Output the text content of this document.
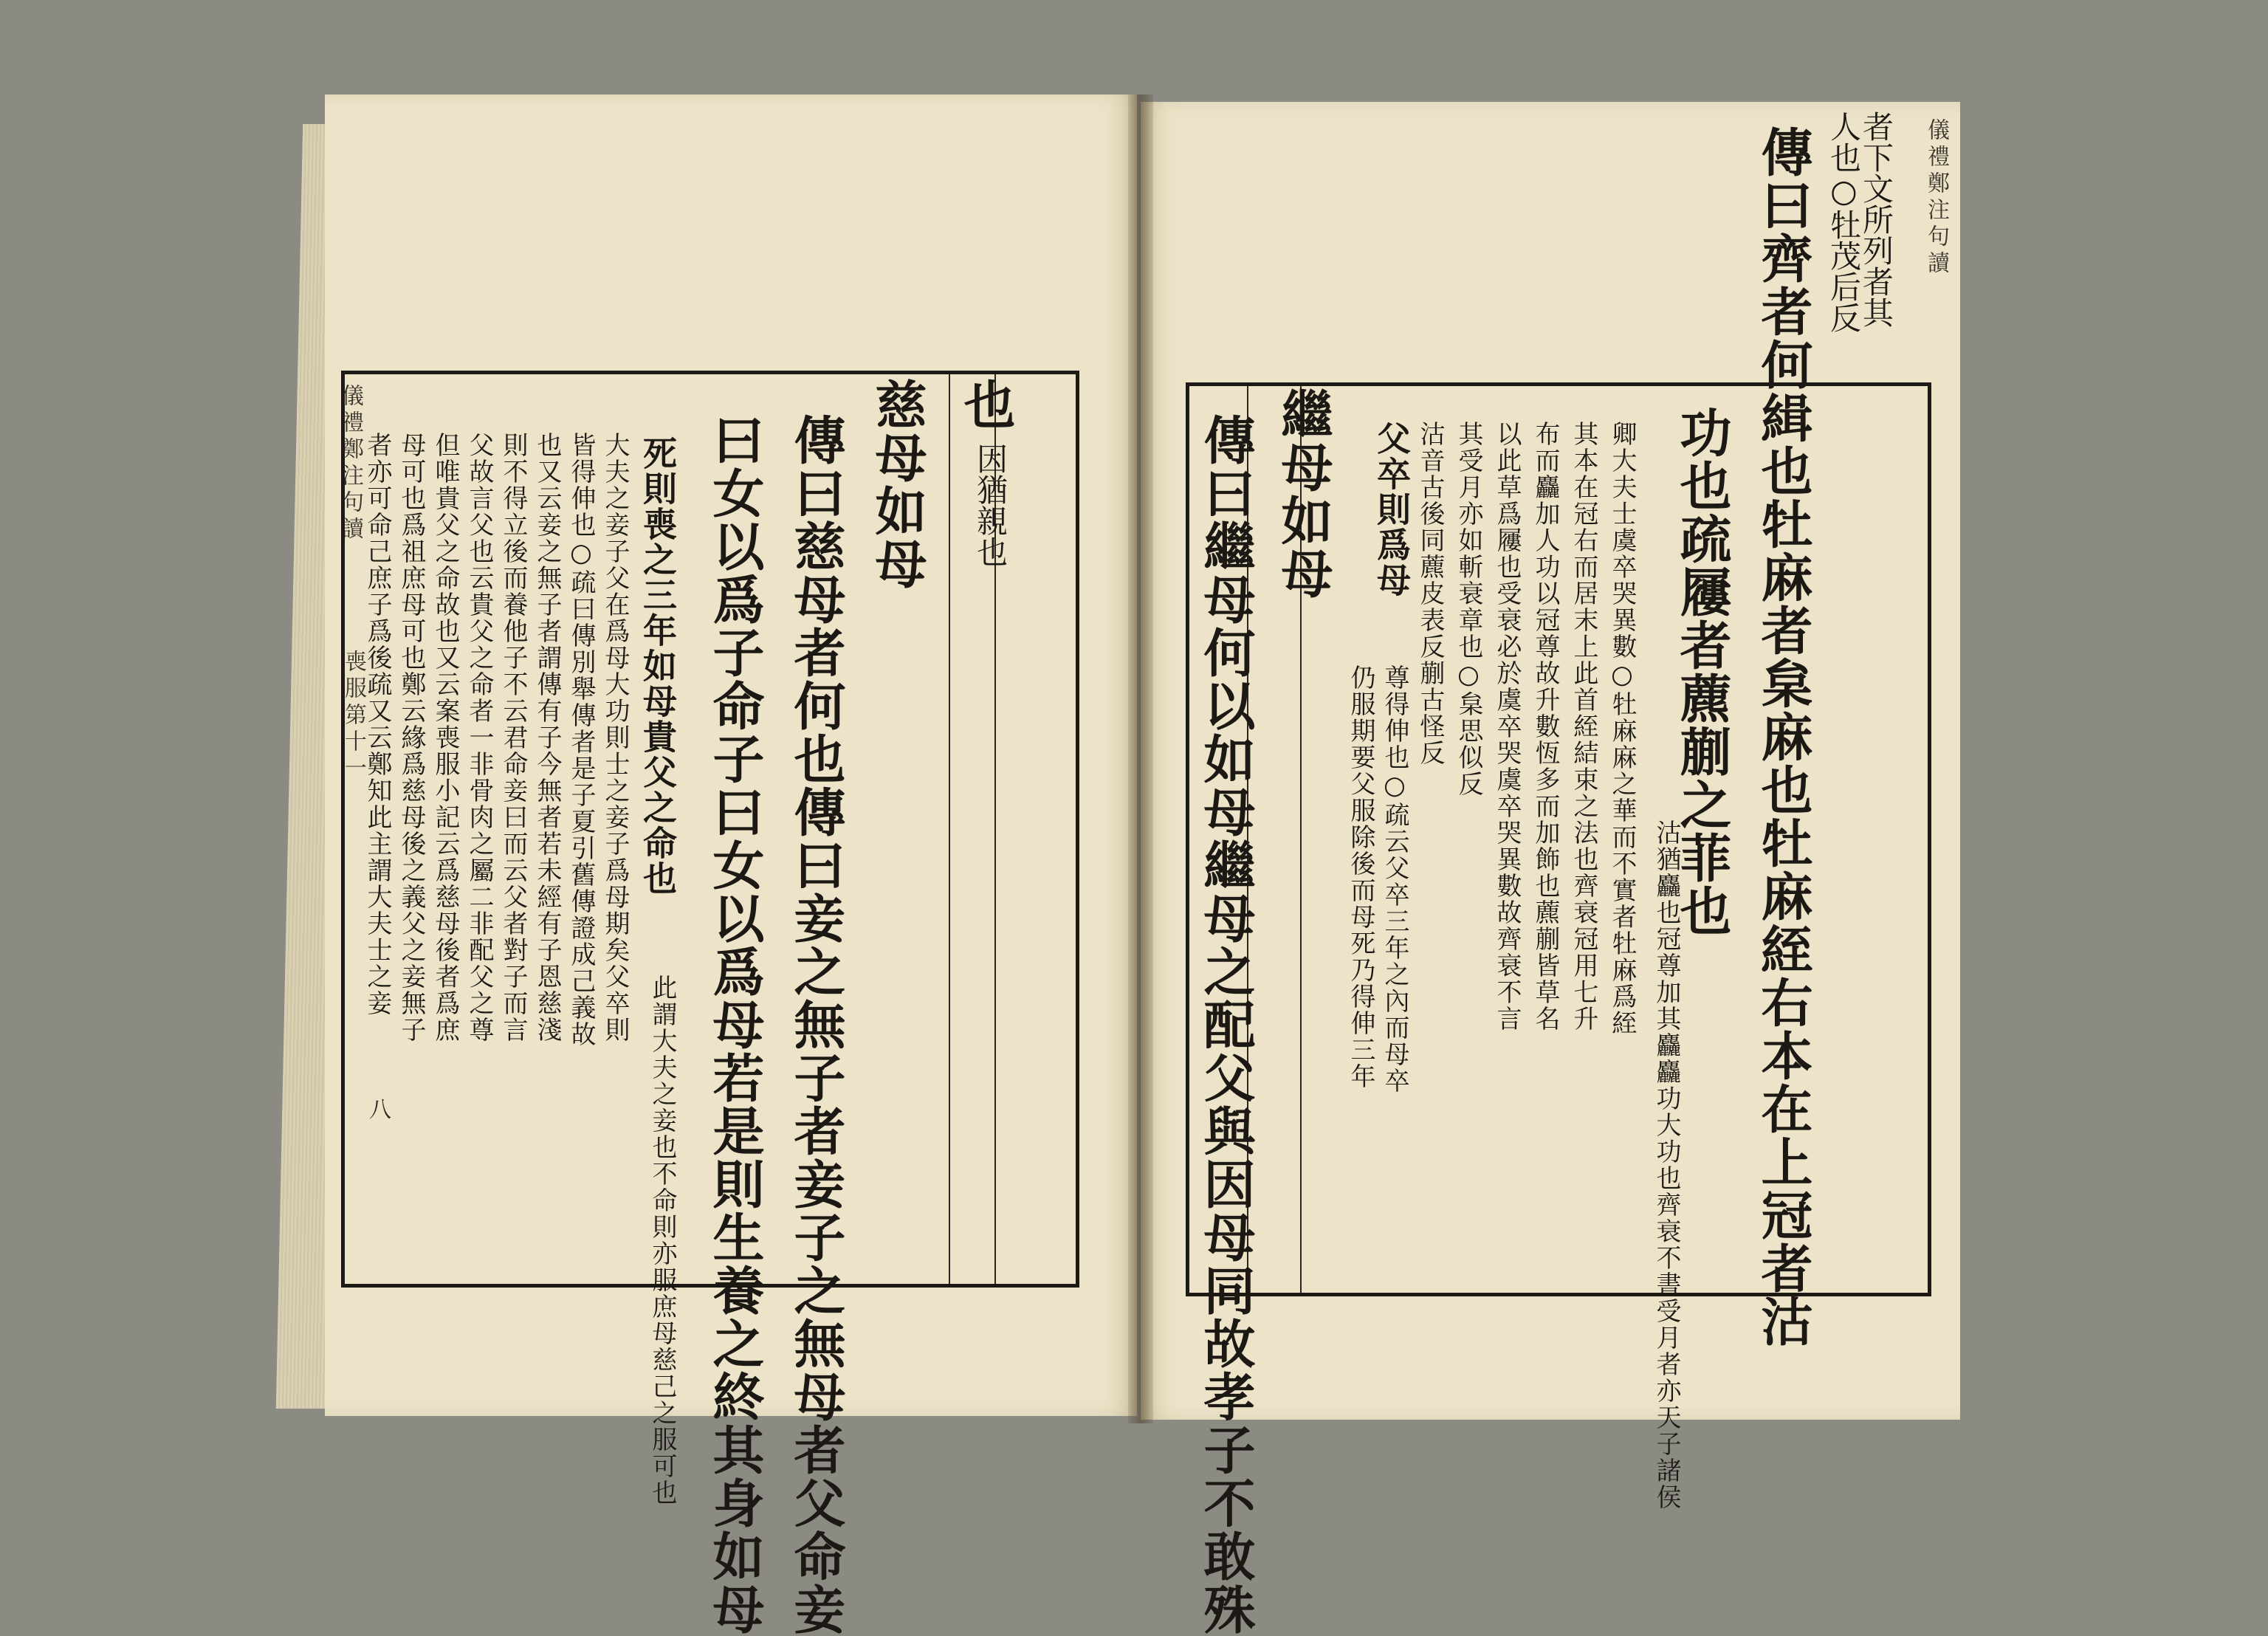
儀禮鄭注句讀
喪服第十一
八
者亦可命己庶子爲後疏又云鄭知此主謂大夫士之妾 母可也爲祖庶母可也鄭云緣爲慈母後之義父之妾無子 但唯貴父之命故也又云案喪服小記云爲慈母後者爲庶 父故言父也云貴父之命者一非骨肉之屬二非配父之尊 則不得立後而養他子不云君命妾曰而云父者對子而言 也又云妾之無子者謂傳有子今無者若未經有子恩慈淺 皆得伸也○疏曰傳別舉傳者是子夏引舊傳證成己義故 大夫之妾子父在爲母大功則士之妾子爲母期矣父卒則 死則喪之三年如母貴父之命也
此謂大夫之妾也不命則亦服庶母慈己之服可也 曰女以爲子命子曰女以爲母若是則生養之終其身如母 傳曰慈母者何也傳曰妾之無子者妾子之無母者父命妾 慈母如母 也
因猶親也
儀禮鄭注句讀
者下文所列者其
人也○牡茂后反
傳曰齊者何緝也牡麻者枲麻也牡麻絰右本在上冠者沽
功也疏屨者藨蒯之菲也
沽猶麤也冠尊加其麤麤功大功也齊衰不書受月者亦天子諸侯
卿大夫士虞卒哭異數○牡麻麻之華而不實者牡麻爲絰
其本在冠右而居末上此首絰結束之法也齊衰冠用七升
布而麤加人功以冠尊故升數恆多而加飾也藨蒯皆草名
以此草爲屨也受衰必於虞卒哭虞卒哭異數故齊衰不言
其受月亦如斬衰章也○枲思似反
沽音古後同藨皮表反蒯古怪反
父卒則爲母
尊得伸也○疏云父卒三年之內而母卒
仍服期要父服除後而母死乃得伸三年
繼母如母
傳曰繼母何以如母繼母之配父與因母同故孝子不敢殊
